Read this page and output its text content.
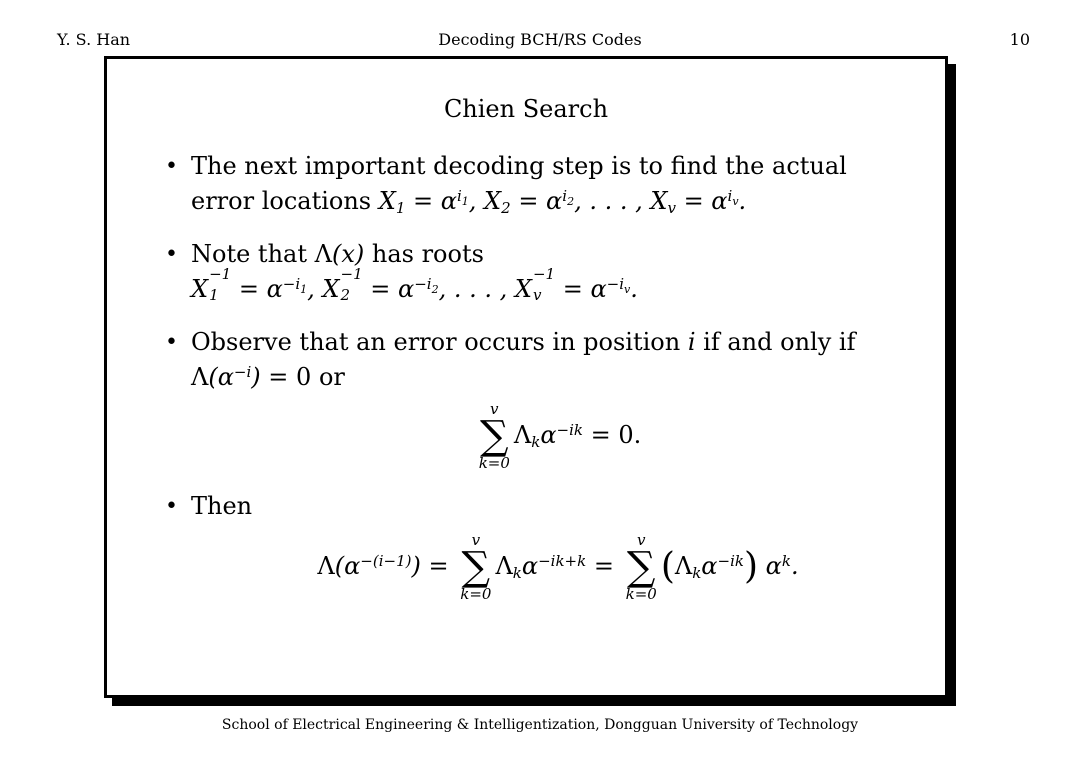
Y. S. Han	Decoding BCH/RS Codes	10
Chien Search
• The next important decoding step is to find the actual
error locations $X1 = \alpha^{i_1}$, $X2 = \alpha^{i_2}$, . . . , $Xv = \alpha^{i_v}$.
• Note that Λ(x) has roots
X
−1
$1 = \alpha^{-i_1}$, X
−1
$2 = \alpha^{-i_2}$, . . . , X
−1
$v = \alpha^{-i_v}$.
• Observe that an error occurs in position i if and only if
$\Lambda(\alpha^{-i}) = 0$ or
v
∑
k=0
Λkα$^{-ik}$ = 0.
• Then
$\Lambda(\alpha^{-(i-1)})$ =
v
∑
k=0
Λkα$^{-ik+k}$ =
v
∑
k=0
(Λkα$^{-ik}$) $\alpha^k$.
School of Electrical Engineering & Intelligentization, Dongguan University of Technology
